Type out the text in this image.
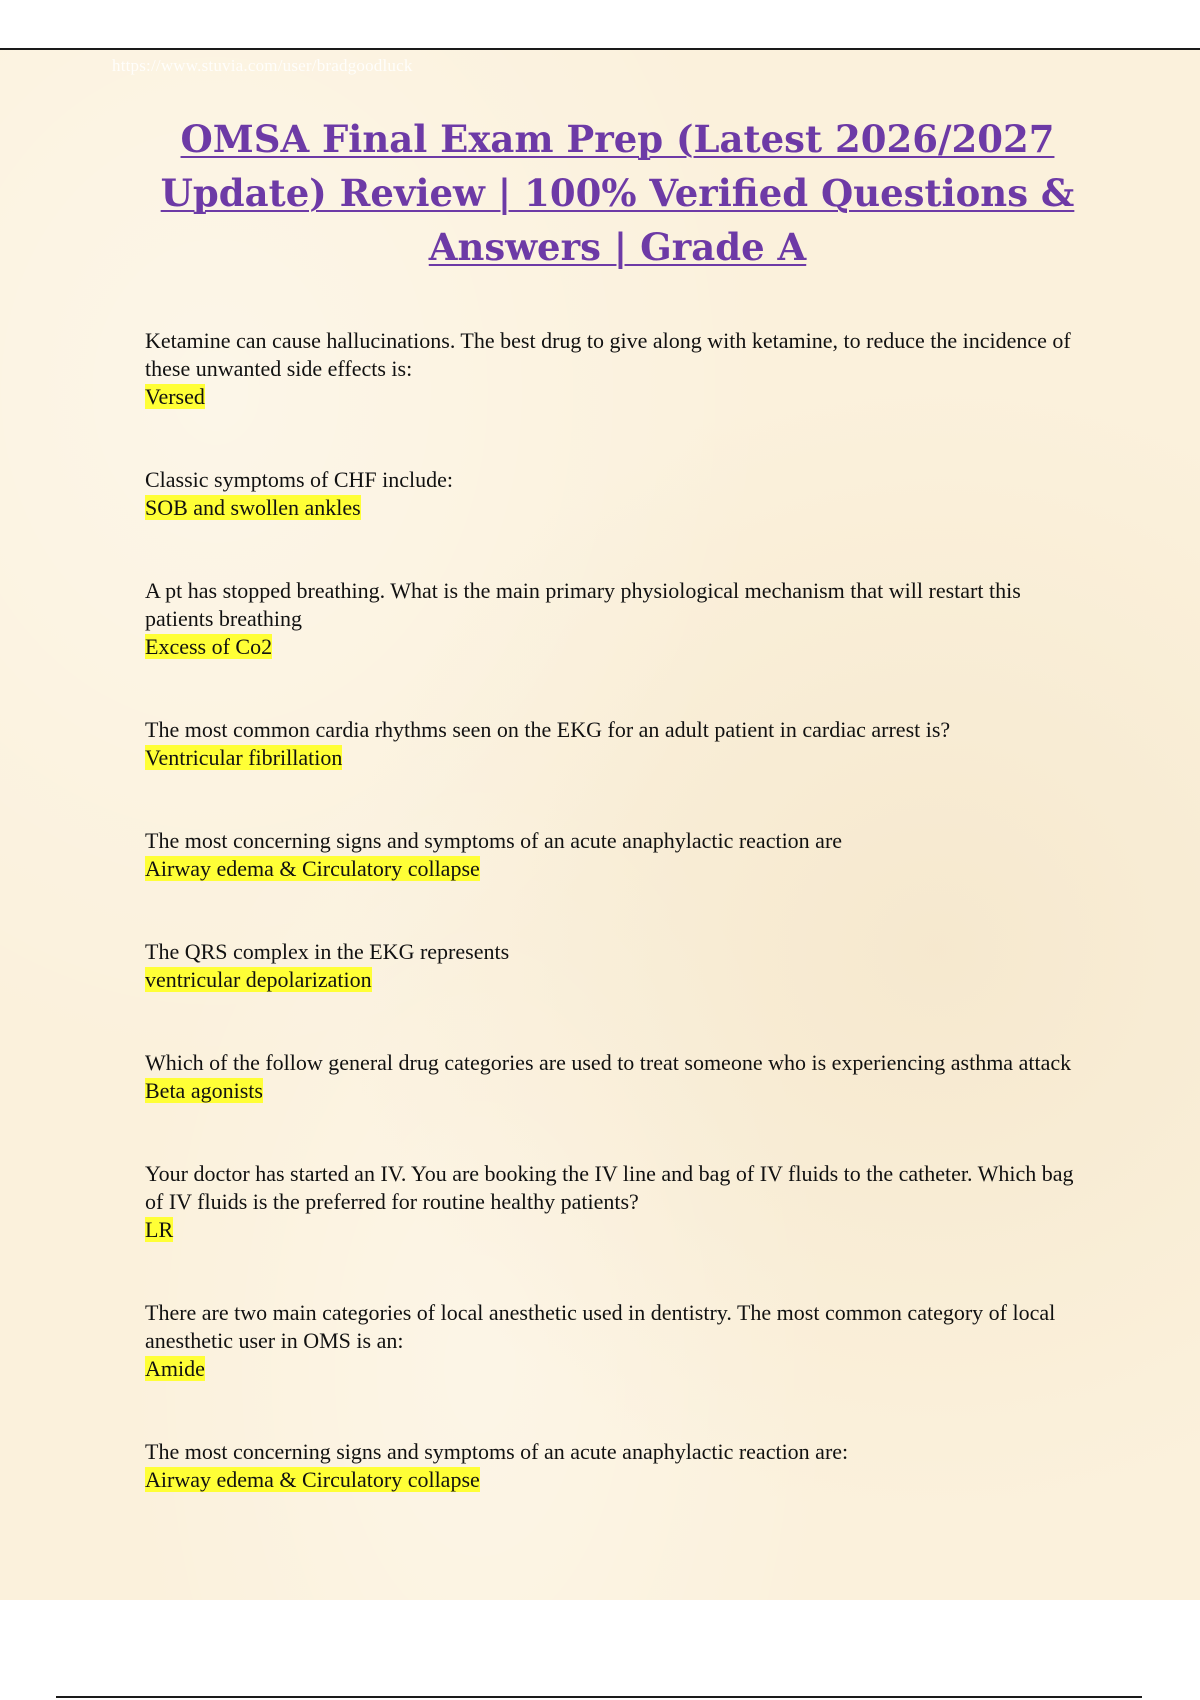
https://www.stuvia.com/user/bradgoodluck
OMSA Final Exam Prep (Latest 2026/2027 Update) Review | 100% Verified Questions & Answers | Grade A
Ketamine can cause hallucinations. The best drug to give along with ketamine, to reduce the incidence of these unwanted side effects is:
Versed
Classic symptoms of CHF include:
SOB and swollen ankles
A pt has stopped breathing. What is the main primary physiological mechanism that will restart this patients breathing
Excess of Co2
The most common cardia rhythms seen on the EKG for an adult patient in cardiac arrest is?
Ventricular fibrillation
The most concerning signs and symptoms of an acute anaphylactic reaction are
Airway edema & Circulatory collapse
The QRS complex in the EKG represents
ventricular depolarization
Which of the follow general drug categories are used to treat someone who is experiencing asthma attack
Beta agonists
Your doctor has started an IV. You are booking the IV line and bag of IV fluids to the catheter. Which bag of IV fluids is the preferred for routine healthy patients?
LR
There are two main categories of local anesthetic used in dentistry. The most common category of local anesthetic user in OMS is an:
Amide
The most concerning signs and symptoms of an acute anaphylactic reaction are:
Airway edema & Circulatory collapse
